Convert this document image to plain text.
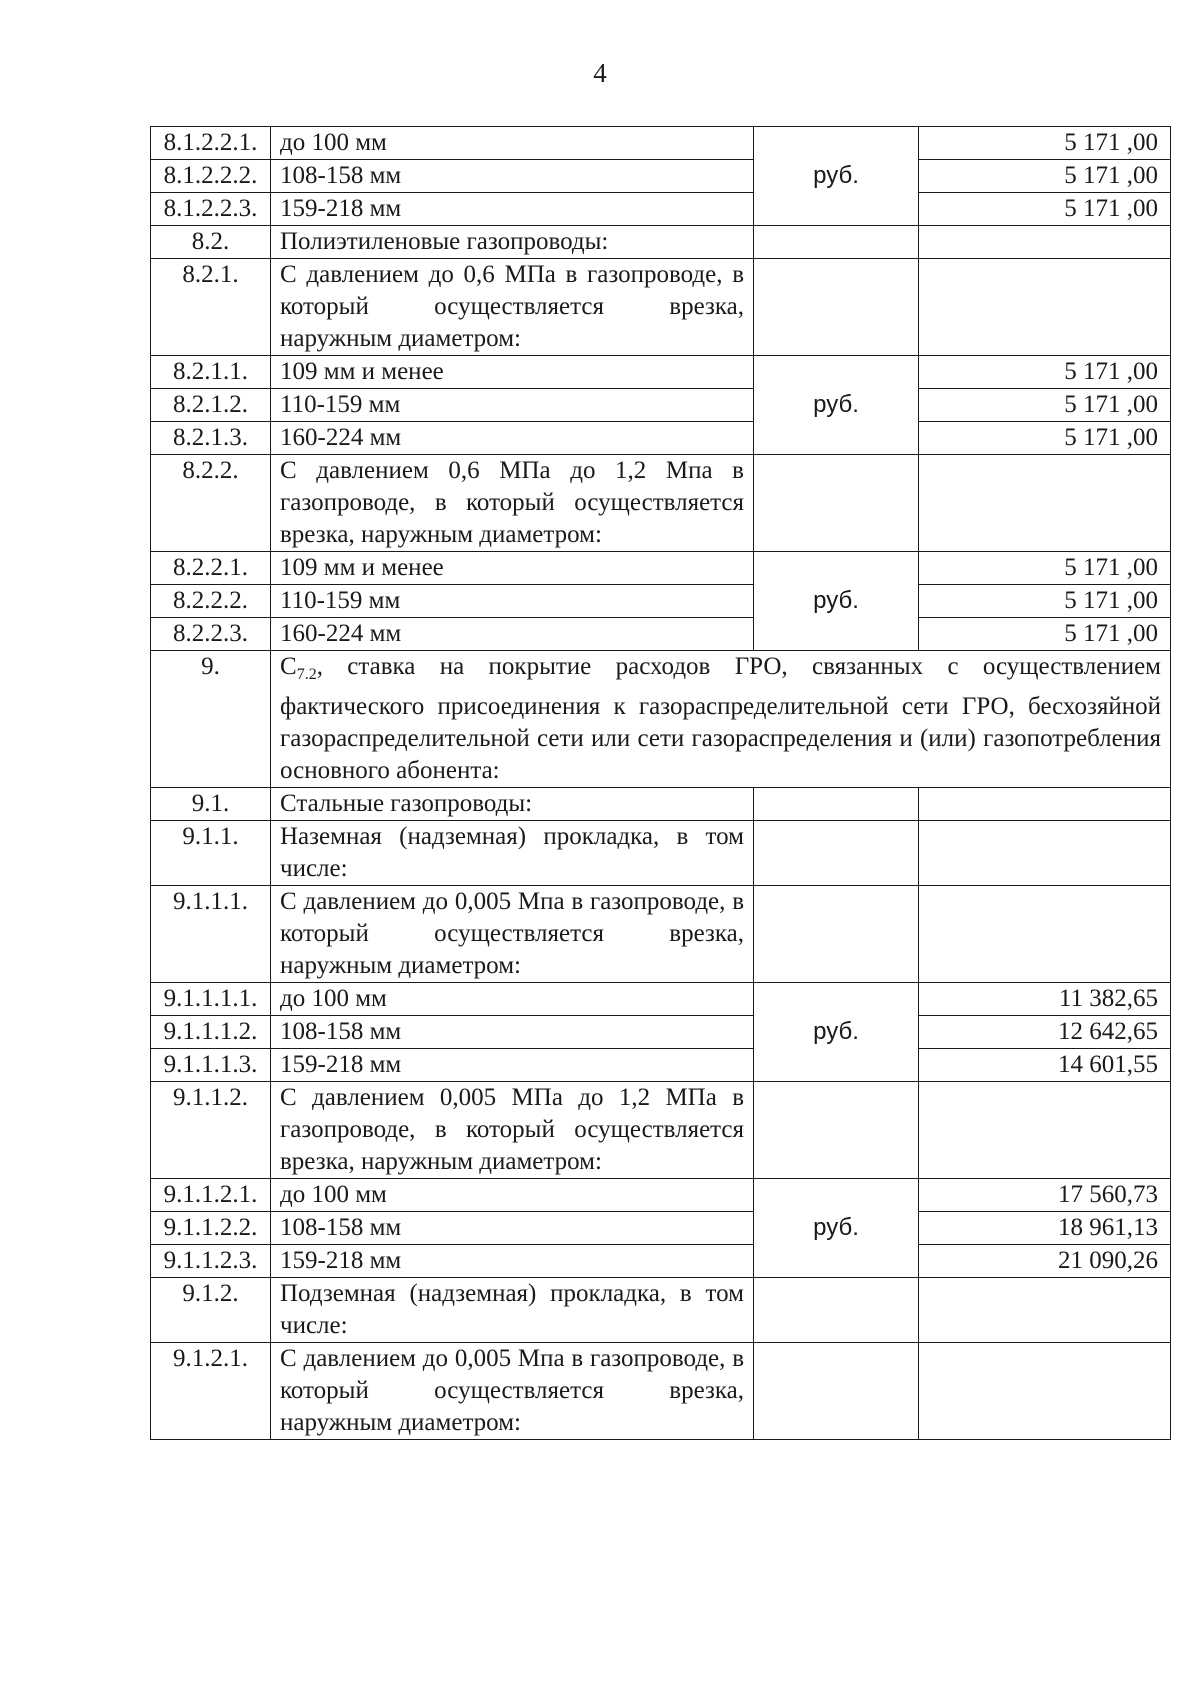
4
8.1.2.2.1.	до 100 мм	руб.	5 171 ,00
8.1.2.2.2.	108-158 мм		5 171 ,00
8.1.2.2.3.	159-218 мм		5 171 ,00
8.2.	Полиэтиленовые газопроводы:		
8.2.1.	С давлением до 0,6 МПа в газопроводе, в который осуществляется врезка, наружным диаметром:		
8.2.1.1.	109 мм и менее	руб.	5 171 ,00
8.2.1.2.	110-159 мм		5 171 ,00
8.2.1.3.	160-224 мм		5 171 ,00
8.2.2.	С давлением 0,6 МПа до 1,2 Мпа в газопроводе, в который осуществляется врезка, наружным диаметром:		
8.2.2.1.	109 мм и менее	руб.	5 171 ,00
8.2.2.2.	110-159 мм		5 171 ,00
8.2.2.3.	160-224 мм		5 171 ,00
9.	$С_{7.2}$, ставка на покрытие расходов ГРО, связанных с осуществлением фактического присоединения к газораспределительной сети ГРО, бесхозяйной газораспределительной сети или сети газораспределения и (или) газопотребления основного абонента:		
9.1.	Стальные газопроводы:		
9.1.1.	Наземная (надземная) прокладка, в том числе:		
9.1.1.1.	С давлением до 0,005 Мпа в газопроводе, в который осуществляется врезка, наружным диаметром:		
9.1.1.1.1.	до 100 мм	руб.	11 382,65
9.1.1.1.2.	108-158 мм		12 642,65
9.1.1.1.3.	159-218 мм		14 601,55
9.1.1.2.	С давлением 0,005 МПа до 1,2 МПа в газопроводе, в который осуществляется врезка, наружным диаметром:		
9.1.1.2.1.	до 100 мм	руб.	17 560,73
9.1.1.2.2.	108-158 мм		18 961,13
9.1.1.2.3.	159-218 мм		21 090,26
9.1.2.	Подземная (надземная) прокладка, в том числе:		
9.1.2.1.	С давлением до 0,005 Мпа в газопроводе, в который осуществляется врезка, наружным диаметром:		
